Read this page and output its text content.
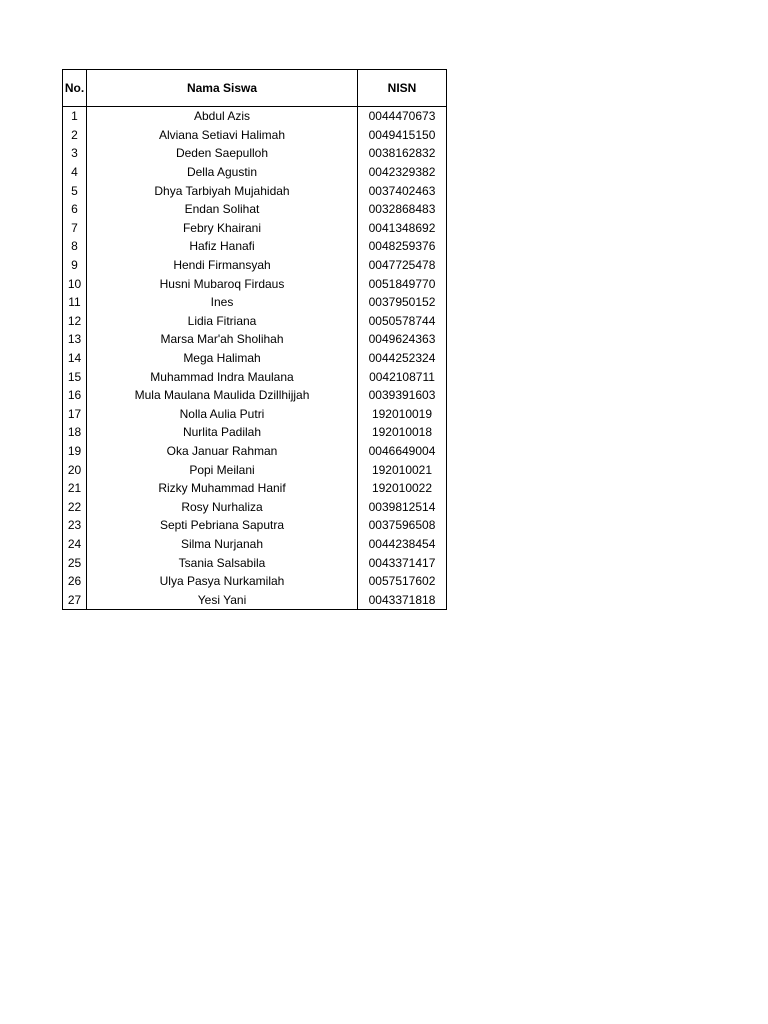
No.	Nama Siswa	NISN
1	Abdul Azis	0044470673
2	Alviana Setiavi Halimah	0049415150
3	Deden Saepulloh	0038162832
4	Della Agustin	0042329382
5	Dhya Tarbiyah Mujahidah	0037402463
6	Endan Solihat	0032868483
7	Febry Khairani	0041348692
8	Hafiz Hanafi	0048259376
9	Hendi Firmansyah	0047725478
10	Husni Mubaroq Firdaus	0051849770
11	Ines	0037950152
12	Lidia Fitriana	0050578744
13	Marsa Mar'ah Sholihah	0049624363
14	Mega Halimah	0044252324
15	Muhammad Indra Maulana	0042108711
16	Mula Maulana Maulida Dzillhijjah	0039391603
17	Nolla Aulia Putri	192010019
18	Nurlita Padilah	192010018
19	Oka Januar Rahman	0046649004
20	Popi Meilani	192010021
21	Rizky Muhammad Hanif	192010022
22	Rosy Nurhaliza	0039812514
23	Septi Pebriana Saputra	0037596508
24	Silma Nurjanah	0044238454
25	Tsania Salsabila	0043371417
26	Ulya Pasya Nurkamilah	0057517602
27	Yesi Yani	0043371818
